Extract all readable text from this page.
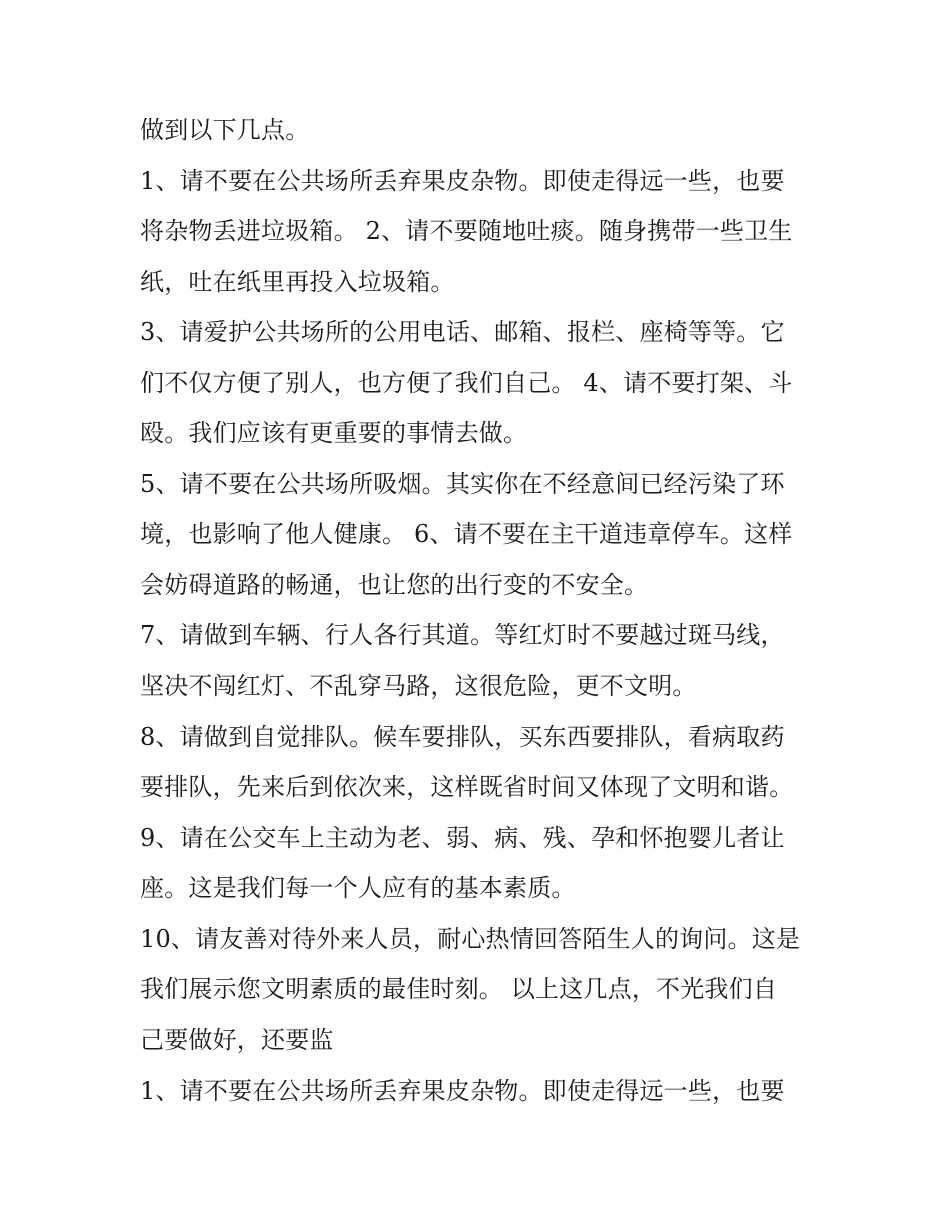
做到以下几点。
1、请不要在公共场所丢弃果皮杂物。即使走得远一些，也要
将杂物丢进垃圾箱。 2、请不要随地吐痰。随身携带一些卫生
纸，吐在纸里再投入垃圾箱。
3、请爱护公共场所的公用电话、邮箱、报栏、座椅等等。它
们不仅方便了别人，也方便了我们自己。 4、请不要打架、斗
殴。我们应该有更重要的事情去做。
5、请不要在公共场所吸烟。其实你在不经意间已经污染了环
境，也影响了他人健康。 6、请不要在主干道违章停车。这样
会妨碍道路的畅通，也让您的出行变的不安全。
7、请做到车辆、行人各行其道。等红灯时不要越过斑马线，
坚决不闯红灯、不乱穿马路，这很危险，更不文明。
8、请做到自觉排队。候车要排队，买东西要排队，看病取药
要排队，先来后到依次来，这样既省时间又体现了文明和谐。
9、请在公交车上主动为老、弱、病、残、孕和怀抱婴儿者让
座。这是我们每一个人应有的基本素质。
10、请友善对待外来人员，耐心热情回答陌生人的询问。这是
我们展示您文明素质的最佳时刻。 以上这几点，不光我们自
己要做好，还要监
1、请不要在公共场所丢弃果皮杂物。即使走得远一些，也要
